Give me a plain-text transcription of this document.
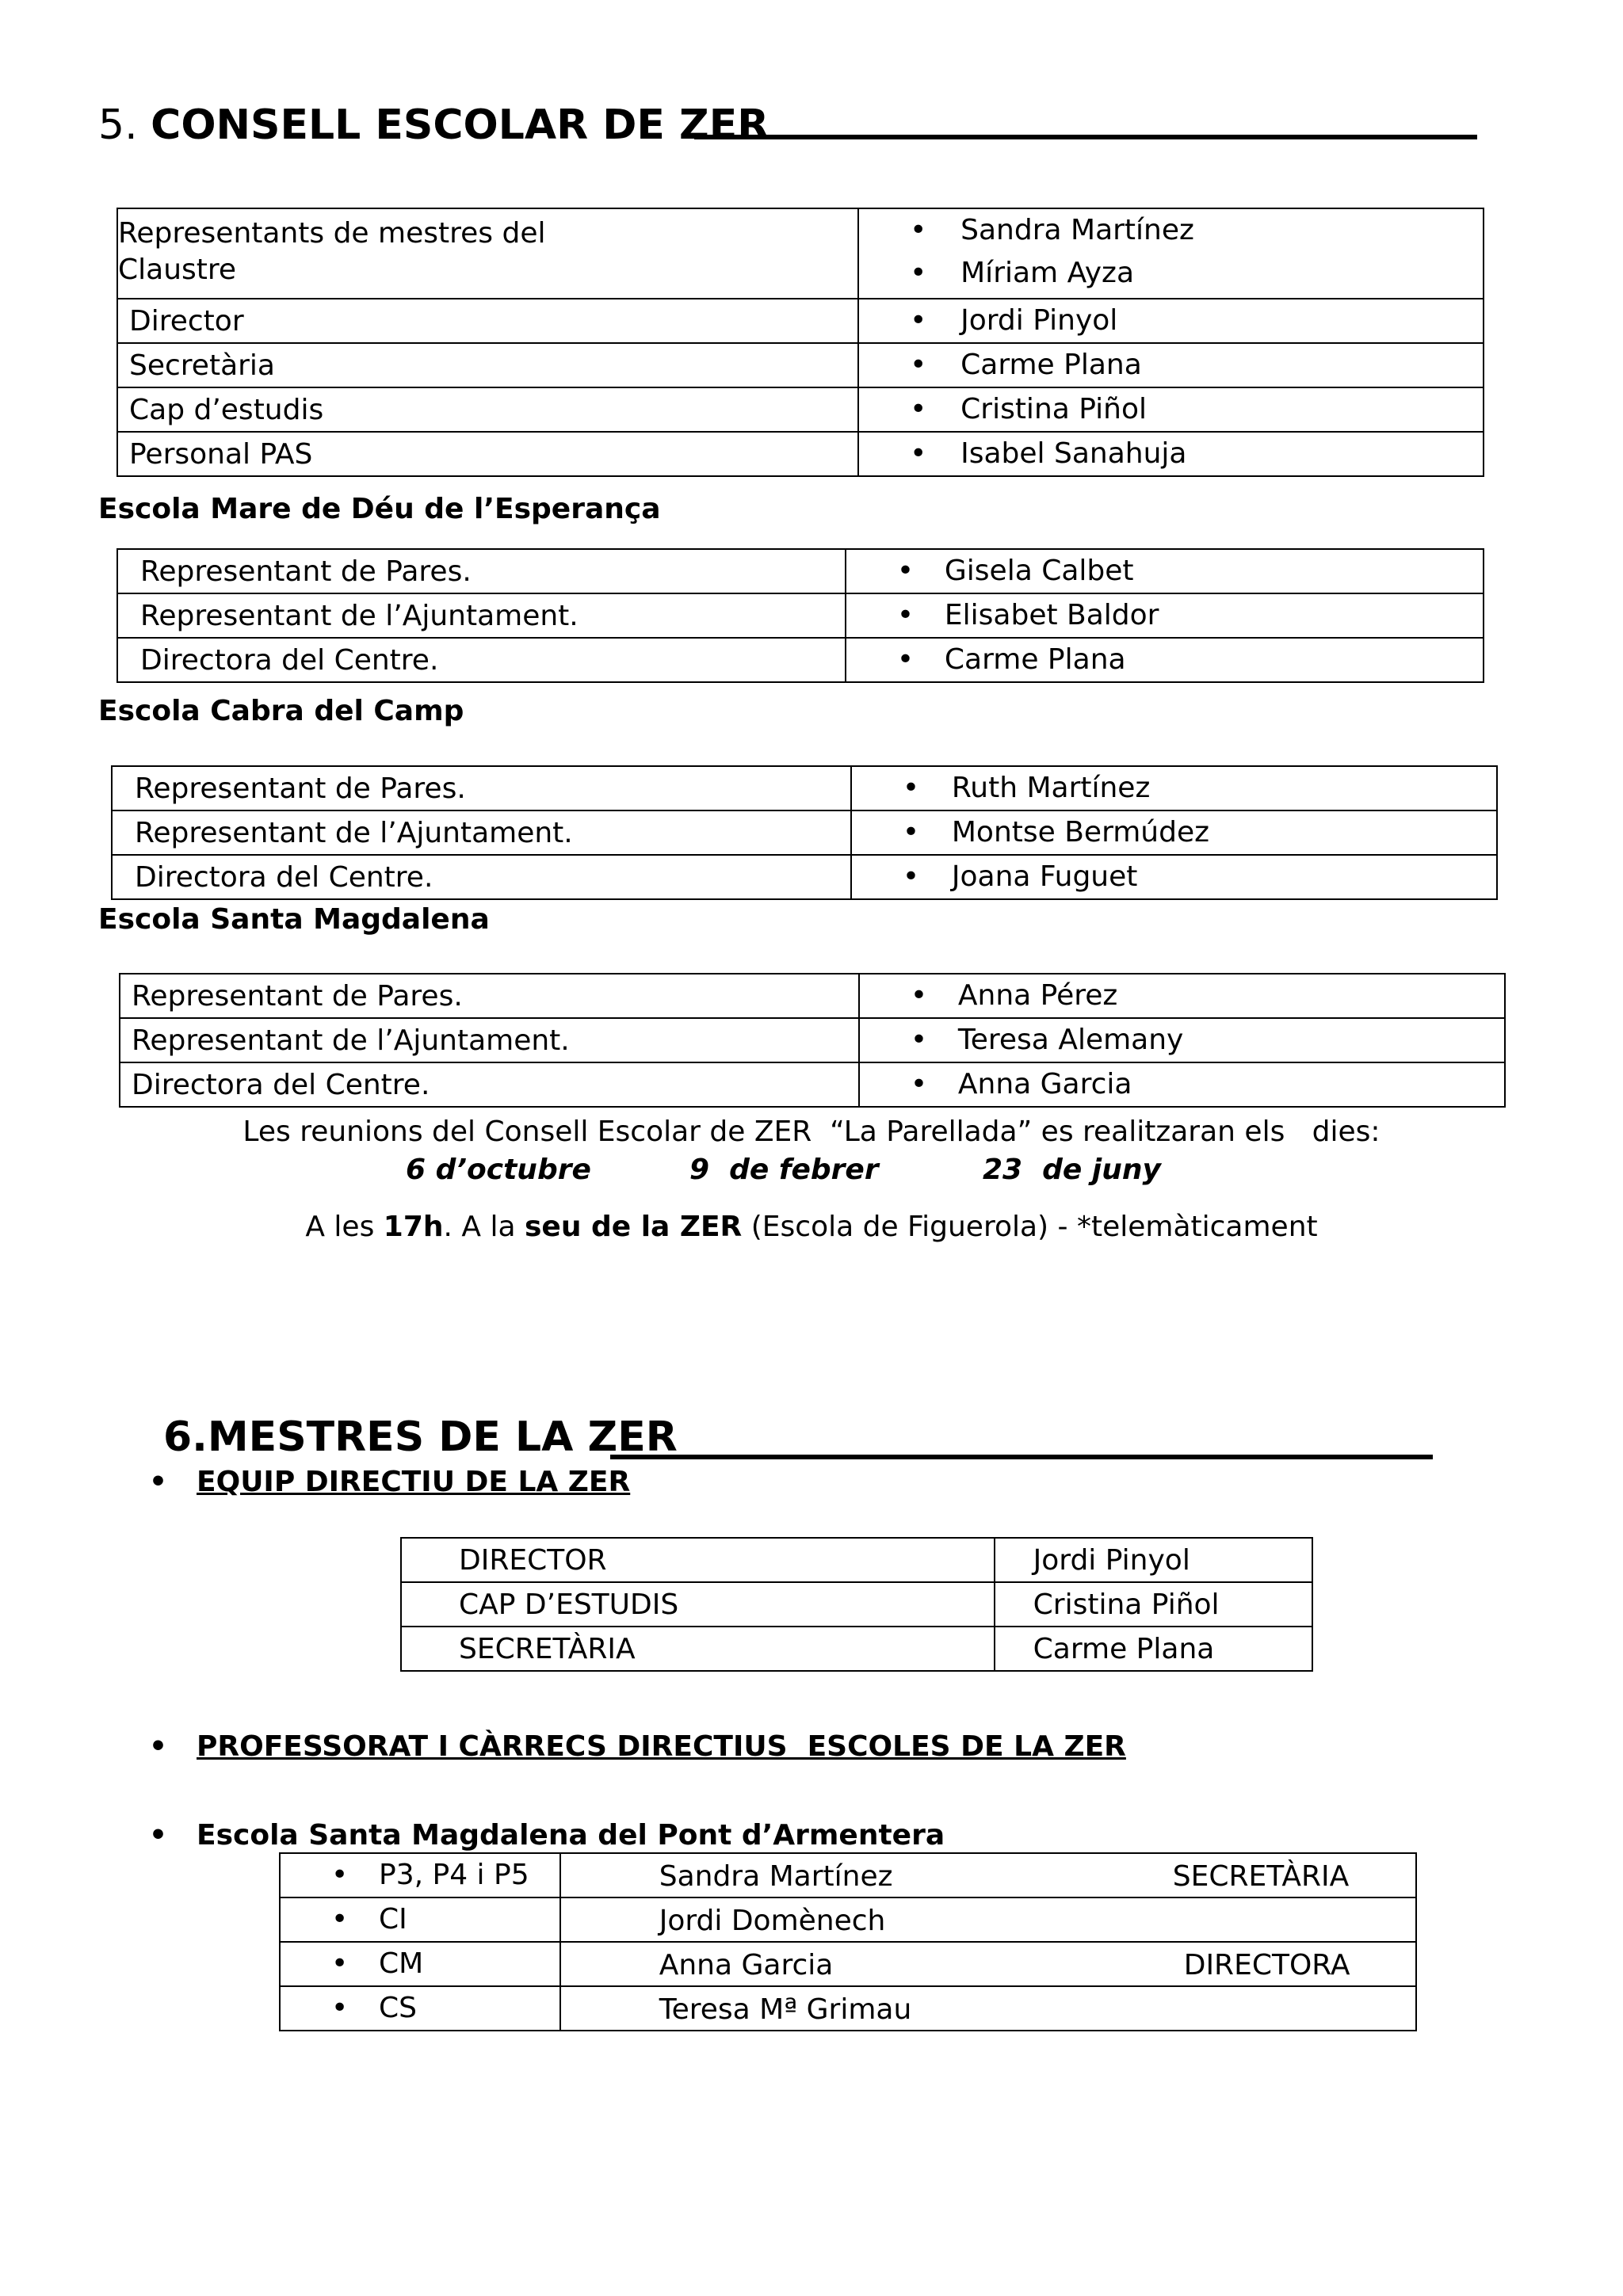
5. CONSELL ESCOLAR DE ZER
Representants de mestres del Claustre	• Sandra Martínez
• Míriam Ayza

Director	• Jordi Pinyol

Secretària	• Carme Plana

Cap d’estudis	• Cristina Piñol

Personal PAS	• Isabel Sanahuja
Escola Mare de Déu de l’Esperança
Representant de Pares.	• Gisela Calbet

Representant de l’Ajuntament.	• Elisabet Baldor

Directora del Centre.	• Carme Plana
Escola Cabra del Camp
Representant de Pares.	• Ruth Martínez

Representant de l’Ajuntament.	• Montse Bermúdez

Directora del Centre.	• Joana Fuguet
Escola Santa Magdalena
Representant de Pares.	• Anna Pérez

Representant de l’Ajuntament.	• Teresa Alemany

Directora del Centre.	• Anna Garcia
Les reunions del Consell Escolar de ZER  “La Parellada” es realitzaran els   dies:
6 d’octubre	9  de febrer	23  de juny
A les 17h. A la seu de la ZER (Escola de Figuerola) - *telemàticament
6.MESTRES DE LA ZER
• EQUIP DIRECTIU DE LA ZER
DIRECTOR	Jordi Pinyol
CAP D’ESTUDIS	Cristina Piñol
SECRETÀRIA	Carme Plana
• PROFESSORAT I CÀRRECS DIRECTIUS  ESCOLES DE LA ZER
• Escola Santa Magdalena del Pont d’Armentera
• P3, P4 i P5	Sandra Martínez SECRETÀRIA

• CI	Jordi Domènech

• CM	Anna Garcia DIRECTORA

• CS	Teresa Mª Grimau
